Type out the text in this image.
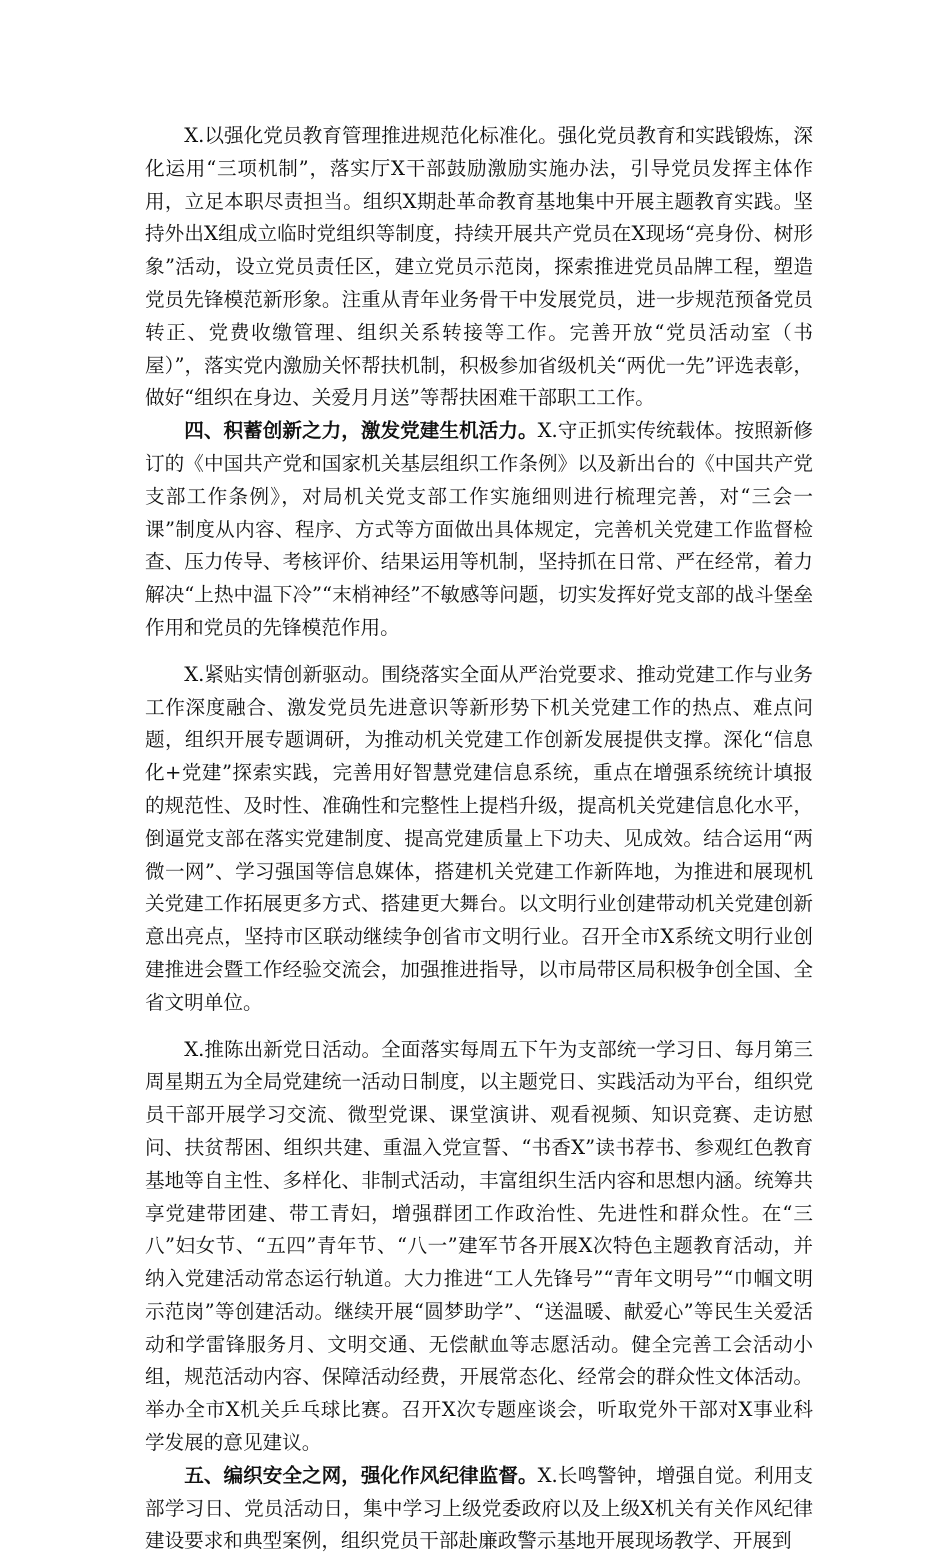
X.以强化党员教育管理推进规范化标准化。强化党员教育和实践锻炼，深化运用“三项机制”，落实厅X干部鼓励激励实施办法，引导党员发挥主体作用，立足本职尽责担当。组织X期赴革命教育基地集中开展主题教育实践。坚持外出X组成立临时党组织等制度，持续开展共产党员在X现场“亮身份、树形象”活动，设立党员责任区，建立党员示范岗，探索推进党员品牌工程，塑造党员先锋模范新形象。注重从青年业务骨干中发展党员，进一步规范预备党员转正、党费收缴管理、组织关系转接等工作。完善开放“党员活动室（书屋）”，落实党内激励关怀帮扶机制，积极参加省级机关“两优一先”评选表彰，做好“组织在身边、关爱月月送”等帮扶困难干部职工工作。

四、积蓄创新之力，激发党建生机活力。X.守正抓实传统载体。按照新修订的《中国共产党和国家机关基层组织工作条例》以及新出台的《中国共产党支部工作条例》，对局机关党支部工作实施细则进行梳理完善，对“三会一课”制度从内容、程序、方式等方面做出具体规定，完善机关党建工作监督检查、压力传导、考核评价、结果运用等机制，坚持抓在日常、严在经常，着力解决“上热中温下冷”“末梢神经”不敏感等问题，切实发挥好党支部的战斗堡垒作用和党员的先锋模范作用。

X.紧贴实情创新驱动。围绕落实全面从严治党要求、推动党建工作与业务工作深度融合、激发党员先进意识等新形势下机关党建工作的热点、难点问题，组织开展专题调研，为推动机关党建工作创新发展提供支撑。深化“信息化+党建”探索实践，完善用好智慧党建信息系统，重点在增强系统统计填报的规范性、及时性、准确性和完整性上提档升级，提高机关党建信息化水平，倒逼党支部在落实党建制度、提高党建质量上下功夫、见成效。结合运用“两微一网”、学习强国等信息媒体，搭建机关党建工作新阵地，为推进和展现机关党建工作拓展更多方式、搭建更大舞台。以文明行业创建带动机关党建创新意出亮点，坚持市区联动继续争创省市文明行业。召开全市X系统文明行业创建推进会暨工作经验交流会，加强推进指导，以市局带区局积极争创全国、全省文明单位。

X.推陈出新党日活动。全面落实每周五下午为支部统一学习日、每月第三周星期五为全局党建统一活动日制度，以主题党日、实践活动为平台，组织党员干部开展学习交流、微型党课、课堂演讲、观看视频、知识竞赛、走访慰问、扶贫帮困、组织共建、重温入党宣誓、“书香X”读书荐书、参观红色教育基地等自主性、多样化、非制式活动，丰富组织生活内容和思想内涵。统筹共享党建带团建、带工青妇，增强群团工作政治性、先进性和群众性。在“三八”妇女节、“五四”青年节、“八一”建军节各开展X次特色主题教育活动，并纳入党建活动常态运行轨道。大力推进“工人先锋号”“青年文明号”“巾帼文明示范岗”等创建活动。继续开展“圆梦助学”、“送温暖、献爱心”等民生关爱活动和学雷锋服务月、文明交通、无偿献血等志愿活动。健全完善工会活动小组，规范活动内容、保障活动经费，开展常态化、经常会的群众性文体活动。举办全市X机关乒乓球比赛。召开X次专题座谈会，听取党外干部对X事业科学发展的意见建议。

五、编织安全之网，强化作风纪律监督。X.长鸣警钟，增强自觉。利用支部学习日、党员活动日，集中学习上级党委政府以及上级X机关有关作风纪律建设要求和典型案例，组织党员干部赴廉政警示基地开展现场教学、开展到
